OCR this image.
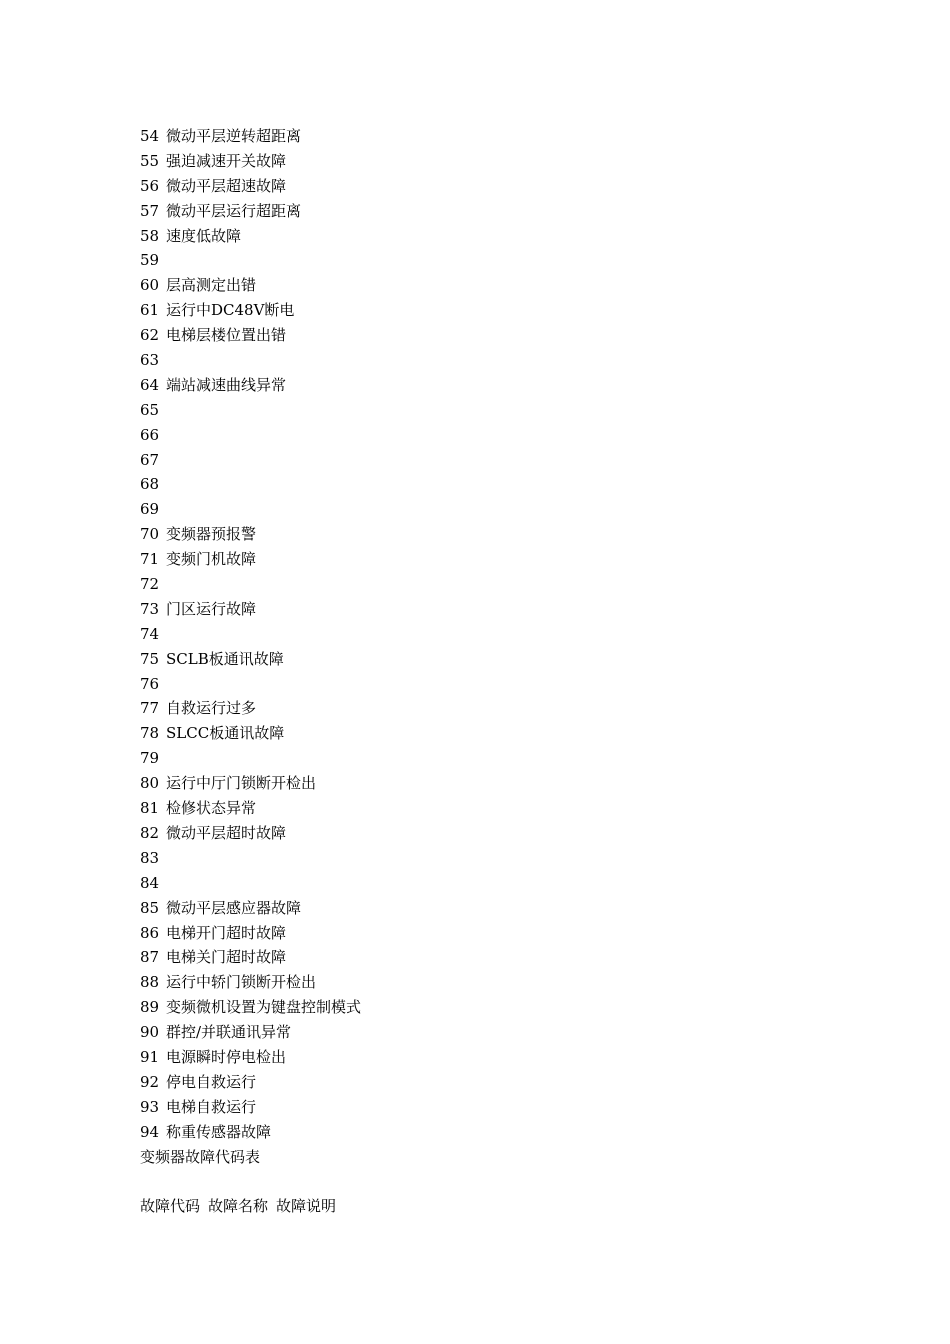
54 微动平层逆转超距离
55 强迫减速开关故障
56 微动平层超速故障
57 微动平层运行超距离
58 速度低故障
59
60 层高测定出错
61 运行中DC48V断电
62 电梯层楼位置出错
63
64 端站减速曲线异常
65
66
67
68
69
70 变频器预报警
71 变频门机故障
72
73 门区运行故障
74
75 SCLB板通讯故障
76
77 自救运行过多
78 SLCC板通讯故障
79
80 运行中厅门锁断开检出
81 检修状态异常
82 微动平层超时故障
83
84
85 微动平层感应器故障
86 电梯开门超时故障
87 电梯关门超时故障
88 运行中轿门锁断开检出
89 变频微机设置为键盘控制模式
90 群控/并联通讯异常
91 电源瞬时停电检出
92 停电自救运行
93 电梯自救运行
94 称重传感器故障
变频器故障代码表
故障代码 故障名称 故障说明
